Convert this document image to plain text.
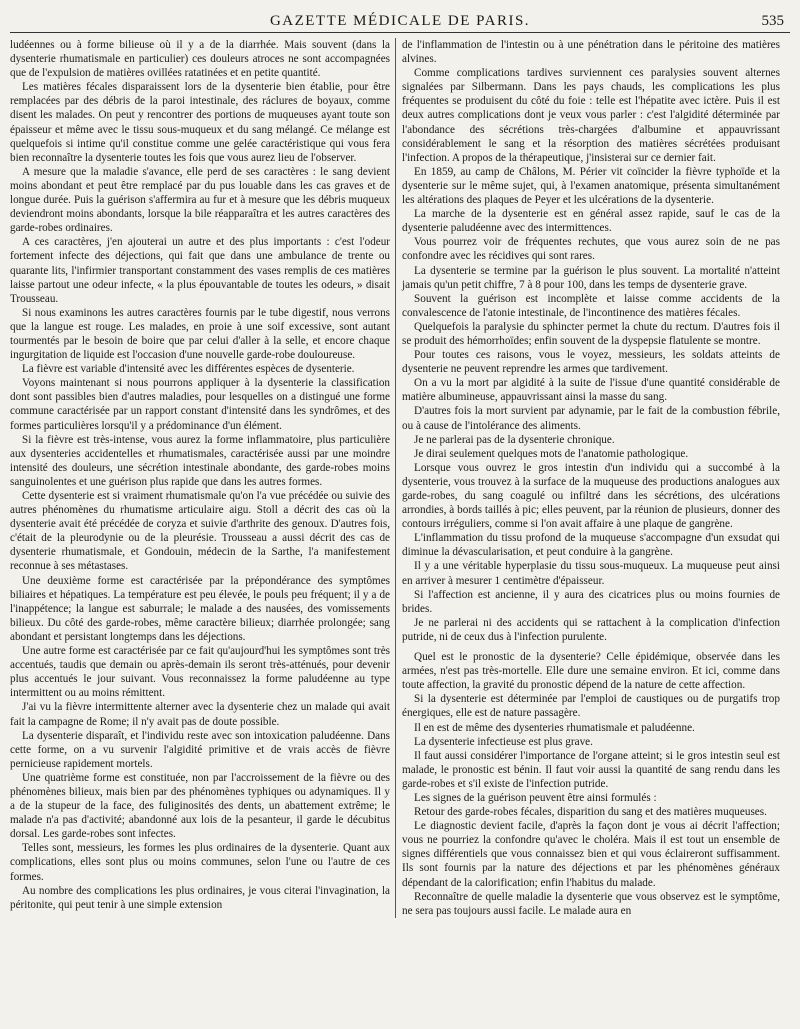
GAZETTE MÉDICALE DE PARIS.	535

ludéennes ou à forme bilieuse où il y a de la diarrhée. Mais souvent (dans la dysenterie rhumatismale en particulier) ces douleurs atroces ne sont accompagnées que de l'expulsion de matières ovillées ratatinées et en petite quantité.

Les matières fécales disparaissent lors de la dysenterie bien établie, pour être remplacées par des débris de la paroi intestinale, des ráclures de boyaux, comme disent les malades. On peut y rencontrer des portions de muqueuses ayant toute son épaisseur et même avec le tissu sous-muqueux et du sang mélangé. Ce mélange est quelquefois si intime qu'il constitue comme une gelée caractéristique qui vous fera bien reconnaître la dysenterie toutes les fois que vous aurez lieu de l'observer.

A mesure que la maladie s'avance, elle perd de ses caractères : le sang devient moins abondant et peut être remplacé par du pus louable dans les cas graves et de longue durée. Puis la guérison s'affermira au fur et à mesure que les débris muqueux deviendront moins abondants, lorsque la bile réapparaîtra et les autres caractères des garde-robes ordinaires.

A ces caractères, j'en ajouterai un autre et des plus importants : c'est l'odeur fortement infecte des déjections, qui fait que dans une ambulance de trente ou quarante lits, l'infirmier transportant constamment des vases remplis de ces matières laisse partout une odeur infecte, « la plus épouvantable de toutes les odeurs, » disait Trousseau.

Si nous examinons les autres caractères fournis par le tube digestif, nous verrons que la langue est rouge. Les malades, en proie à une soif excessive, sont autant tourmentés par le besoin de boire que par celui d'aller à la selle, et encore chaque ingurgitation de liquide est l'occasion d'une nouvelle garde-robe douloureuse.

La fièvre est variable d'intensité avec les différentes espèces de dysenterie.

Voyons maintenant si nous pourrons appliquer à la dysenterie la classification dont sont passibles bien d'autres maladies, pour lesquelles on a distingué une forme commune caractérisée par un rapport constant d'intensité dans les syndrômes, et des formes particulières lorsqu'il y a prédominance d'un élément.

Si la fièvre est très-intense, vous aurez la forme inflammatoire, plus particulière aux dysenteries accidentelles et rhumatismales, caractérisée aussi par une moindre intensité des douleurs, une sécrétion intestinale abondante, des garde-robes moins sanguinolentes et une guérison plus rapide que dans les autres formes.

Cette dysenterie est si vraiment rhumatismale qu'on l'a vue précédée ou suivie des autres phénomènes du rhumatisme articulaire aigu. Stoll a décrit des cas où la dysenterie avait été précédée de coryza et suivie d'arthrite des genoux. D'autres fois, c'était de la pleurodynie ou de la pleurésie. Trousseau a aussi décrit des cas de dysenterie rhumatismale, et Gondouin, médecin de la Sarthe, l'a manifestement reconnue à ses métastases.

Une deuxième forme est caractérisée par la prépondérance des symptômes biliaires et hépatiques. La température est peu élevée, le pouls peu fréquent; il y a de l'inappétence; la langue est saburrale; le malade a des nausées, des vomissements bilieux. Du côté des garde-robes, même caractère bilieux; diarrhée prolongée; sang abondant et persistant longtemps dans les déjections.

Une autre forme est caractérisée par ce fait qu'aujourd'hui les symptômes sont très accentués, taudis que demain ou après-demain ils seront très-atténués, pour devenir plus accentués le jour suivant. Vous reconnaissez la forme paludéenne au type intermittent ou au moins rémittent.

J'ai vu la fièvre intermittente alterner avec la dysenterie chez un malade qui avait fait la campagne de Rome; il n'y avait pas de doute possible.

La dysenterie disparaît, et l'individu reste avec son intoxication paludéenne. Dans cette forme, on a vu survenir l'algidité primitive et de vrais accès de fièvre pernicieuse rapidement mortels.

Une quatrième forme est constituée, non par l'accroissement de la fièvre ou des phénomènes bilieux, mais bien par des phénomènes typhiques ou adynamiques. Il y a de la stupeur de la face, des fuliginosités des dents, un abattement extrême; le malade n'a pas d'activité; abandonné aux lois de la pesanteur, il garde le décubitus dorsal. Les garde-robes sont infectes.

Telles sont, messieurs, les formes les plus ordinaires de la dysenterie. Quant aux complications, elles sont plus ou moins communes, selon l'une ou l'autre de ces formes.

Au nombre des complications les plus ordinaires, je vous citerai l'invagination, la péritonite, qui peut tenir à une simple extension

de l'inflammation de l'intestin ou à une pénétration dans le péritoine des matières alvines.

Comme complications tardives surviennent ces paralysies souvent alternes signalées par Silbermann. Dans les pays chauds, les complications les plus fréquentes se produisent du côté du foie : telle est l'hépatite avec ictère. Puis il est deux autres complications dont je veux vous parler : c'est l'algidité déterminée par l'abondance des sécrétions très-chargées d'albumine et appauvrissant considérablement le sang et la résorption des matières sécrétées produisant l'infection. A propos de la thérapeutique, j'insisterai sur ce dernier fait.

En 1859, au camp de Châlons, M. Périer vit coïncider la fièvre typhoïde et la dysenterie sur le même sujet, qui, à l'examen anatomique, présenta simultanément les altérations des plaques de Peyer et les ulcérations de la dysenterie.

La marche de la dysenterie est en général assez rapide, sauf le cas de la dysenterie paludéenne avec des intermittences.

Vous pourrez voir de fréquentes rechutes, que vous aurez soin de ne pas confondre avec les récidives qui sont rares.

La dysenterie se termine par la guérison le plus souvent. La mortalité n'atteint jamais qu'un petit chiffre, 7 à 8 pour 100, dans les temps de dysenterie grave.

Souvent la guérison est incomplète et laisse comme accidents de la convalescence de l'atonie intestinale, de l'incontinence des matières fécales.

Quelquefois la paralysie du sphincter permet la chute du rectum. D'autres fois il se produit des hémorrhoïdes; enfin souvent de la dyspepsie flatulente se montre.

Pour toutes ces raisons, vous le voyez, messieurs, les soldats atteints de dysenterie ne peuvent reprendre les armes que tardivement.

On a vu la mort par algidité à la suite de l'issue d'une quantité considérable de matière albumineuse, appauvrissant ainsi la masse du sang.

D'autres fois la mort survient par adynamie, par le fait de la combustion fébrile, ou à cause de l'intolérance des aliments.

Je ne parlerai pas de la dysenterie chronique.

Je dirai seulement quelques mots de l'anatomie pathologique.

Lorsque vous ouvrez le gros intestin d'un individu qui a succombé à la dysenterie, vous trouvez à la surface de la muqueuse des productions analogues aux garde-robes, du sang coagulé ou infiltré dans les sécrétions, des ulcérations arrondies, à bords taillés à pic; elles peuvent, par la réunion de plusieurs, donner des contours irréguliers, comme si l'on avait affaire à une plaque de gangrène.

L'inflammation du tissu profond de la muqueuse s'accompagne d'un exsudat qui diminue la dévascularisation, et peut conduire à la gangrène.

Il y a une véritable hyperplasie du tissu sous-muqueux. La muqueuse peut ainsi en arriver à mesurer 1 centimètre d'épaisseur.

Si l'affection est ancienne, il y aura des cicatrices plus ou moins fournies de brides.

Je ne parlerai ni des accidents qui se rattachent à la complication d'infection putride, ni de ceux dus à l'infection purulente.

Quel est le pronostic de la dysenterie? Celle épidémique, observée dans les armées, n'est pas très-mortelle. Elle dure une semaine environ. Et ici, comme dans toute affection, la gravité du pronostic dépend de la nature de cette affection.

Si la dysenterie est déterminée par l'emploi de caustiques ou de purgatifs trop énergiques, elle est de nature passagère.

Il en est de même des dysenteries rhumatismale et paludéenne.

La dysenterie infectieuse est plus grave.

Il faut aussi considérer l'importance de l'organe atteint; si le gros intestin seul est malade, le pronostic est bénin. Il faut voir aussi la quantité de sang rendu dans les garde-robes et s'il existe de l'infection putride.

Les signes de la guérison peuvent être ainsi formulés :

Retour des garde-robes fécales, disparition du sang et des matières muqueuses.

Le diagnostic devient facile, d'après la façon dont je vous ai décrit l'affection; vous ne pourriez la confondre qu'avec le choléra. Mais il est tout un ensemble de signes différentiels que vous connaissez bien et qui vous éclaireront suffisamment. Ils sont fournis par la nature des déjections et par les phénomènes généraux dépendant de la calorification; enfin l'habitus du malade.

Reconnaître de quelle maladie la dysenterie que vous observez est le symptôme, ne sera pas toujours aussi facile. Le malade aura en
